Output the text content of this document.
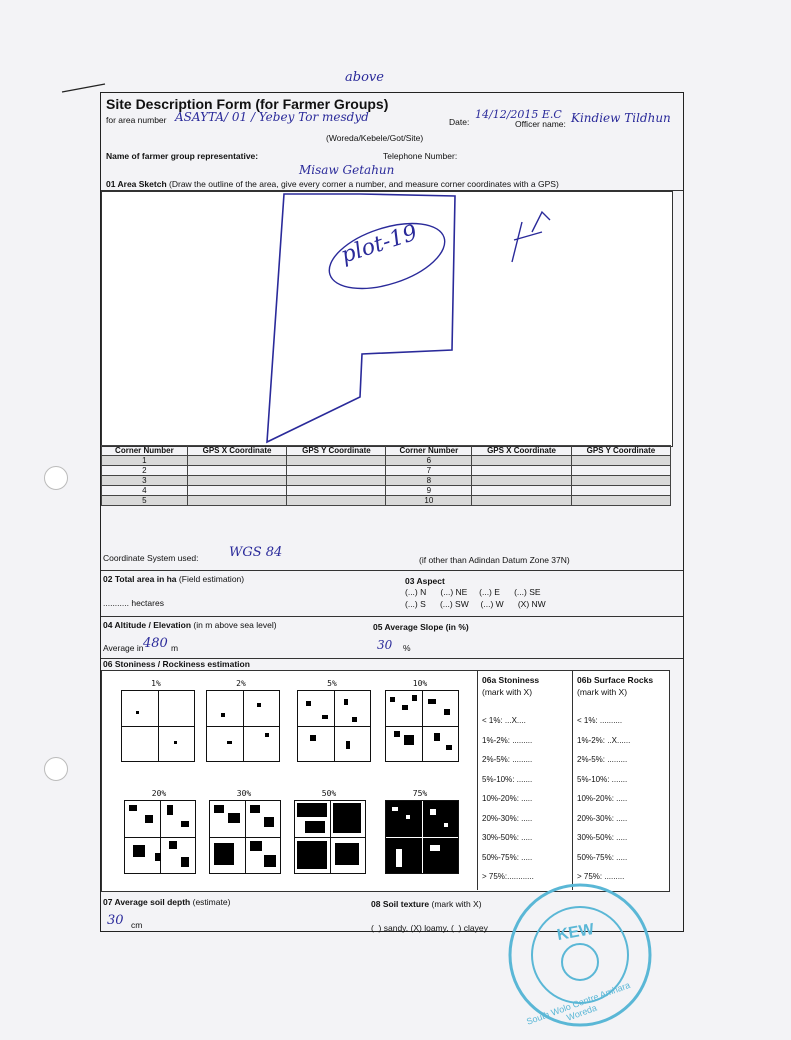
above
Site Description Form (for Farmer Groups)
for area number ASAYTA/ 01 / Yebey Tor mesdyd	Date:
14/12/2015 E.C
Officer name: Kindiew Tildhun
(Woreda/Kebele/Got/Site)
Name of farmer group representative:	Telephone Number:
Misaw Getahun
01 Area Sketch (Draw the outline of the area, give every corner a number, and measure corner coordinates with a GPS)
plot-19
Corner Number	GPS X Coordinate	GPS Y Coordinate	Corner Number	GPS X Coordinate	GPS Y Coordinate
1			6		
2			7		
3			8		
4			9		
5			10		
Coordinate System used: WGS 84	(if other than Adindan Datum Zone 37N)
02 Total area in ha (Field estimation)
........... hectares
03 Aspect
(...) N      (...) NE     (...) E      (...) SE
(...) S      (...) SW     (...) W      (X) NW
04 Altitude / Elevation (in m above sea level)
Average in 480 m
05 Average Slope (in %)
30 %
06 Stoniness / Rockiness estimation
1%	2%	5%	10%
20%	30%	50%	75%
06a Stoniness
(mark with X)
06b Surface Rocks
(mark with X)
< 1%: ...X....
1%-2%: .........
2%-5%: .........
5%-10%: .......
10%-20%: .....
20%-30%: .....
30%-50%: .....
50%-75%: .....
> 75%:............
< 1%: ..........
1%-2%: ..X......
2%-5%: .........
5%-10%: .......
10%-20%: .....
20%-30%: .....
30%-50%: .....
50%-75%: .....
> 75%: .........
07 Average soil depth (estimate)
30 cm
08 Soil texture (mark with X)
(  ) sandy, (X) loamy, (  ) clayey	KEW
South Wolo Centre Amhara Woreda
